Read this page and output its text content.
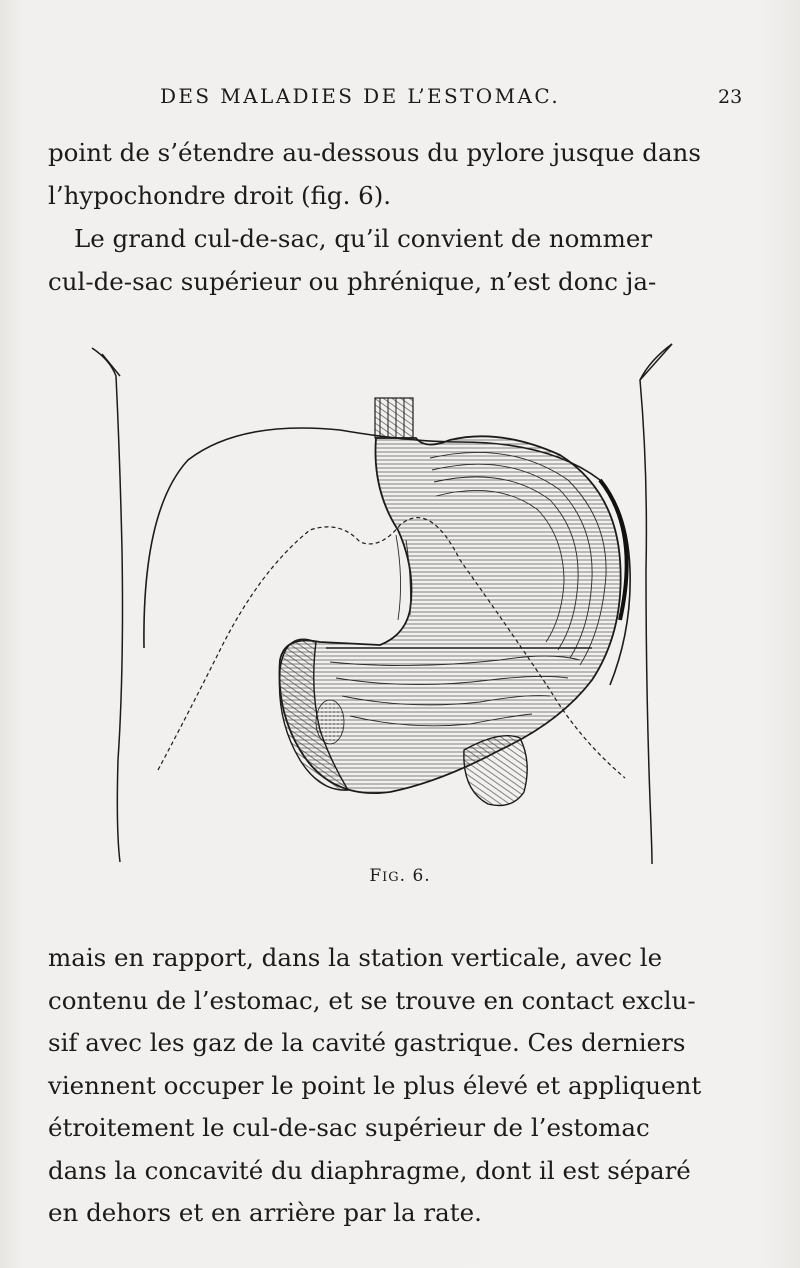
DES MALADIES DE L’ESTOMAC.	23

point de s’étendre au-dessous du pylore jusque dans
l’hypochondre droit (fig. 6).

Le grand cul-de-sac, qu’il convient de nommer
cul-de-sac supérieur ou phrénique, n’est donc ja-

FIG. 6.

mais en rapport, dans la station verticale, avec le
contenu de l’estomac, et se trouve en contact exclu-
sif avec les gaz de la cavité gastrique. Ces derniers
viennent occuper le point le plus élevé et appliquent
étroitement le cul-de-sac supérieur de l’estomac
dans la concavité du diaphragme, dont il est séparé
en dehors et en arrière par la rate.
